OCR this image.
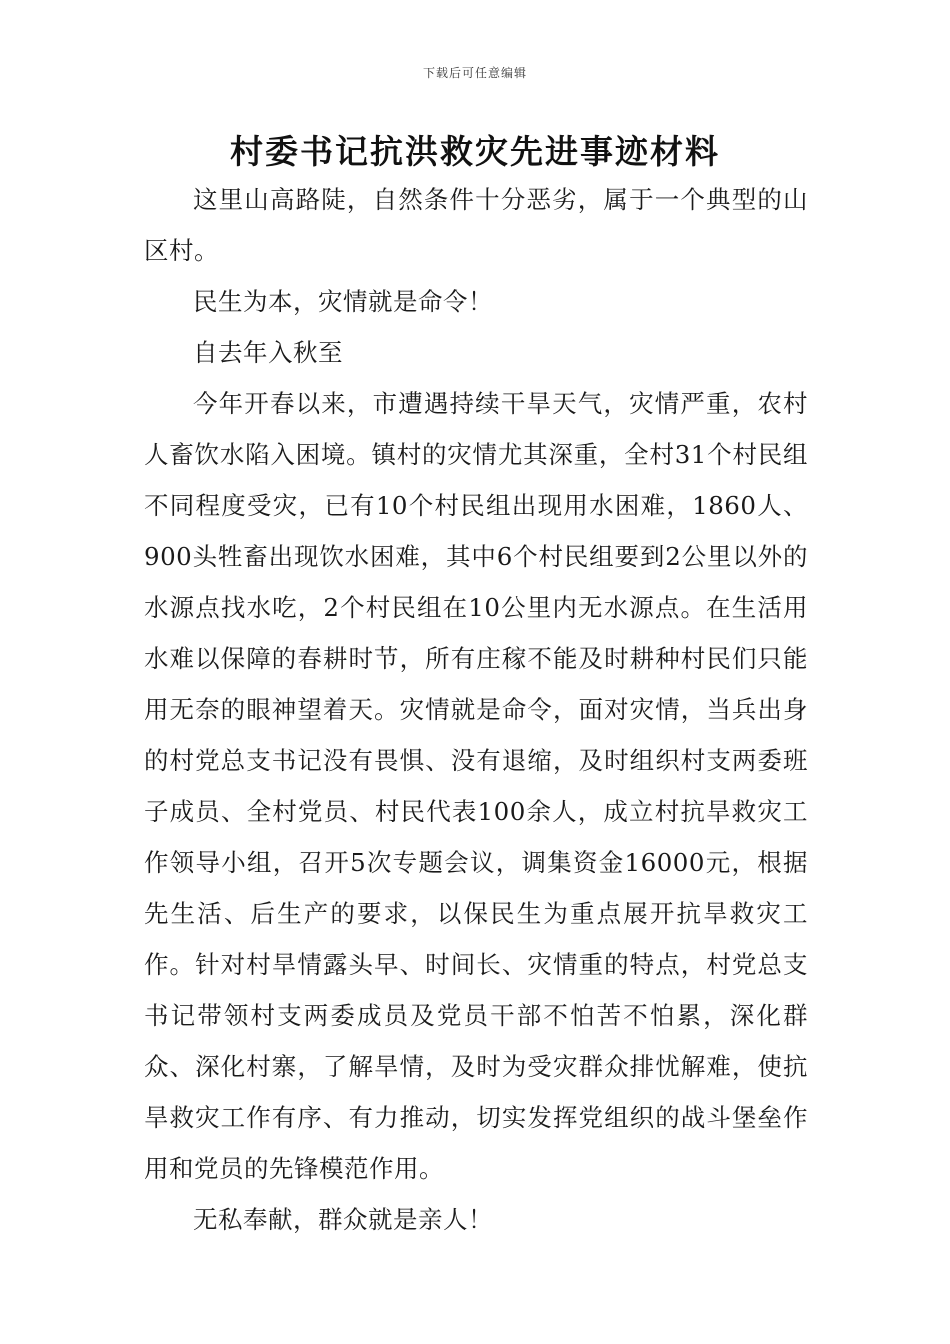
下载后可任意编辑
村委书记抗洪救灾先进事迹材料

这里山高路陡，自然条件十分恶劣，属于一个典型的山区村。

民生为本，灾情就是命令！

自去年入秋至

今年开春以来，市遭遇持续干旱天气，灾情严重，农村人畜饮水陷入困境。镇村的灾情尤其深重，全村31个村民组不同程度受灾，已有10个村民组出现用水困难，1860人、900头牲畜出现饮水困难，其中6个村民组要到2公里以外的水源点找水吃，2个村民组在10公里内无水源点。在生活用水难以保障的春耕时节，所有庄稼不能及时耕种村民们只能用无奈的眼神望着天。灾情就是命令，面对灾情，当兵出身的村党总支书记没有畏惧、没有退缩，及时组织村支两委班子成员、全村党员、村民代表100余人，成立村抗旱救灾工作领导小组，召开5次专题会议，调集资金16000元，根据先生活、后生产的要求，以保民生为重点展开抗旱救灾工作。针对村旱情露头早、时间长、灾情重的特点，村党总支书记带领村支两委成员及党员干部不怕苦不怕累，深化群众、深化村寨，了解旱情，及时为受灾群众排忧解难，使抗旱救灾工作有序、有力推动，切实发挥党组织的战斗堡垒作用和党员的先锋模范作用。

无私奉献，群众就是亲人！
